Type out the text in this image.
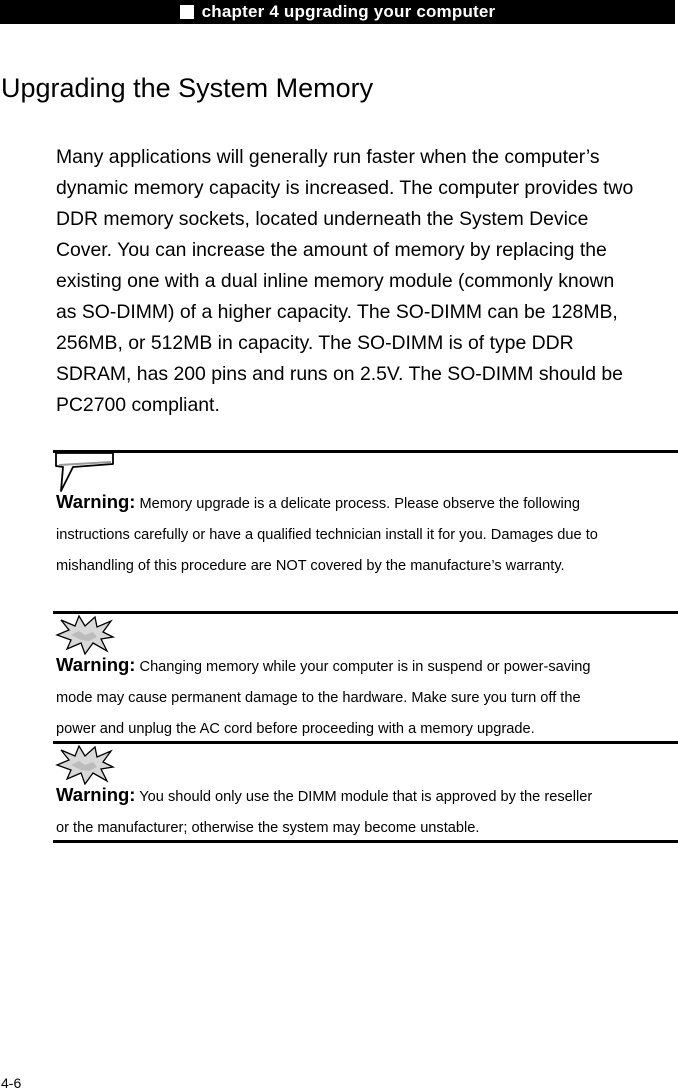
chapter 4 upgrading your computer
Upgrading the System Memory

Many applications will generally run faster when the computer’s
dynamic memory capacity is increased. The computer provides two
DDR memory sockets, located underneath the System Device
Cover. You can increase the amount of memory by replacing the
existing one with a dual inline memory module (commonly known
as SO-DIMM) of a higher capacity. The SO-DIMM can be 128MB,
256MB, or 512MB in capacity. The SO-DIMM is of type DDR
SDRAM, has 200 pins and runs on 2.5V. The SO-DIMM should be
PC2700 compliant.

Warning: Memory upgrade is a delicate process. Please observe the following
instructions carefully or have a qualified technician install it for you. Damages due to
mishandling of this procedure are NOT covered by the manufacture’s warranty.

Warning: Changing memory while your computer is in suspend or power-saving
mode may cause permanent damage to the hardware. Make sure you turn off the
power and unplug the AC cord before proceeding with a memory upgrade.

Warning: You should only use the DIMM module that is approved by the reseller
or the manufacturer; otherwise the system may become unstable.

4-6
